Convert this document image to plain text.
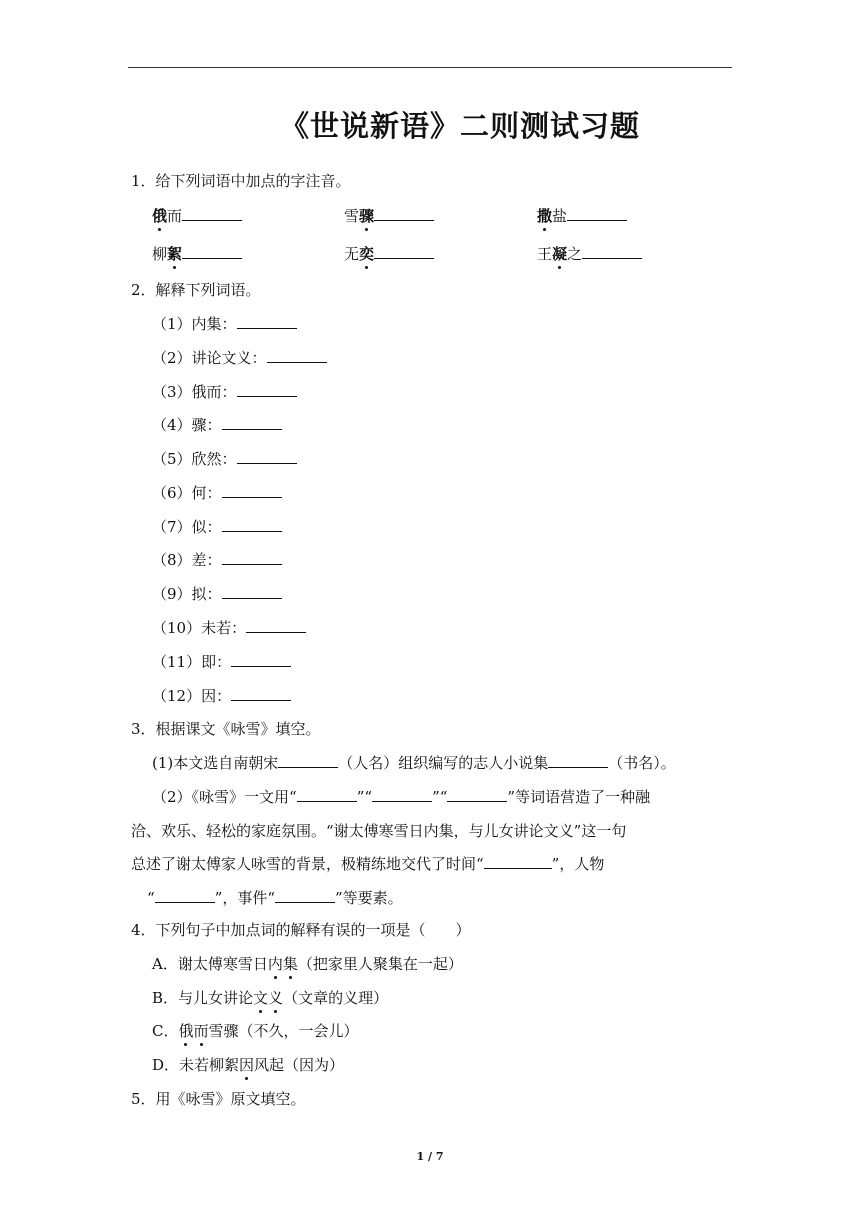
《世说新语》二则测试习题
1．给下列词语中加点的字注音。
俄而	雪骤	撒盐
柳絮	无奕	王凝之
2．解释下列词语。
（1）内集：
（2）讲论文义：
（3）俄而：
（4）骤：
（5）欣然：
（6）何：
（7）似：
（8）差：
（9）拟：
（10）未若：
（11）即：
（12）因：
3．根据课文《咏雪》填空。
(1)本文选自南朝宋	（人名）组织编写的志人小说集	（书名）。
（2）《咏雪》一文用“	”“	”“	”等词语营造了一种融
洽、欢乐、轻松的家庭氛围。“谢太傅寒雪日内集，与儿女讲论文义”这一句
总述了谢太傅家人咏雪的背景，极精练地交代了时间“	”，人物
“	”，事件“	”等要素。
4．下列句子中加点词的解释有误的一项是（　　）
A．谢太傅寒雪日内集（把家里人聚集在一起）
B．与儿女讲论文义（文章的义理）
C．俄而雪骤（不久，一会儿）
D．未若柳絮因风起（因为）
5．用《咏雪》原文填空。
1 / 7
